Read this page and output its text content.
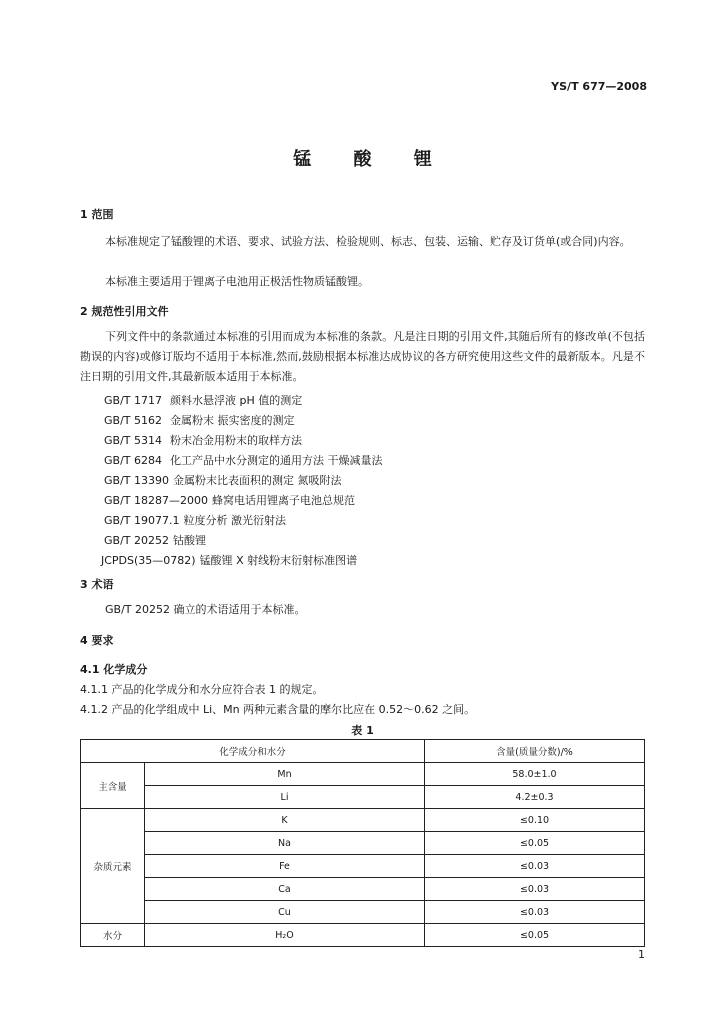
YS/T 677—2008
锰 酸 锂
1 范围
本标准规定了锰酸锂的术语、要求、试验方法、检验规则、标志、包装、运输、贮存及订货单(或合同)内容。
本标准主要适用于锂离子电池用正极活性物质锰酸锂。
2 规范性引用文件
下列文件中的条款通过本标准的引用而成为本标准的条款。凡是注日期的引用文件,其随后所有的修改单(不包括勘误的内容)或修订版均不适用于本标准,然而,鼓励根据本标准达成协议的各方研究使用这些文件的最新版本。凡是不注日期的引用文件,其最新版本适用于本标准。
GB/T 1717 颜料水悬浮液 pH 值的测定
GB/T 5162 金属粉末 振实密度的测定
GB/T 5314 粉末冶金用粉末的取样方法
GB/T 6284 化工产品中水分测定的通用方法 干燥减量法
GB/T 13390 金属粉末比表面积的测定 氮吸附法
GB/T 18287—2000 蜂窝电话用锂离子电池总规范
GB/T 19077.1 粒度分析 激光衍射法
GB/T 20252 钴酸锂
JCPDS(35—0782) 锰酸锂 X 射线粉末衍射标准图谱
3 术语
GB/T 20252 确立的术语适用于本标准。
4 要求
4.1 化学成分
4.1.1 产品的化学成分和水分应符合表 1 的规定。
4.1.2 产品的化学组成中 Li、Mn 两种元素含量的摩尔比应在 0.52～0.62 之间。
表 1
化学成分和水分		含量(质量分数)/%
主含量	Mn	58.0±1.0
	Li	4.2±0.3
杂质元素	K	≤0.10
	Na	≤0.05
	Fe	≤0.03
	Ca	≤0.03
	Cu	≤0.03
水分	H₂O	≤0.05
1
